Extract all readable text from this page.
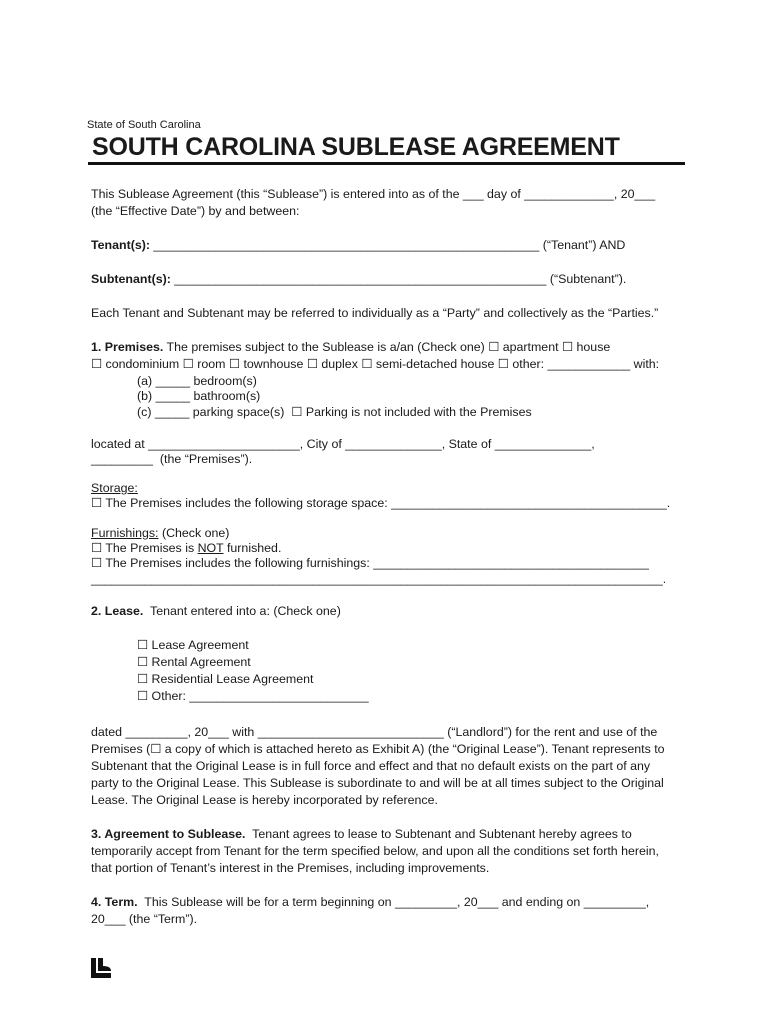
State of South Carolina
SOUTH CAROLINA SUBLEASE AGREEMENT
This Sublease Agreement (this “Sublease”) is entered into as of the ___ day of _____________, 20___
(the “Effective Date”) by and between:
Tenant(s): ________________________________________________________ (“Tenant”) AND
Subtenant(s): ______________________________________________________ (“Subtenant”).
Each Tenant and Subtenant may be referred to individually as a “Party” and collectively as the “Parties.”
1. Premises. The premises subject to the Sublease is a/an (Check one) ☐ apartment ☐ house
☐ condominium ☐ room ☐ townhouse ☐ duplex ☐ semi-detached house ☐ other: ____________ with:
(a) _____ bedroom(s)
(b) _____ bathroom(s)
(c) _____ parking space(s)  ☐ Parking is not included with the Premises
located at ______________________, City of ______________, State of ______________,
_________  (the “Premises”).
Storage:
☐ The Premises includes the following storage space: ________________________________________.
Furnishings: (Check one)
☐ The Premises is NOT furnished.
☐ The Premises includes the following furnishings: ________________________________________
_____________________________________________________________________________________.
2. Lease.  Tenant entered into a: (Check one)
☐ Lease Agreement
☐ Rental Agreement
☐ Residential Lease Agreement
☐ Other: __________________________
dated _________, 20___ with ___________________________ (“Landlord”) for the rent and use of the
Premises (☐ a copy of which is attached hereto as Exhibit A) (the “Original Lease”). Tenant represents to
Subtenant that the Original Lease is in full force and effect and that no default exists on the part of any
party to the Original Lease. This Sublease is subordinate to and will be at all times subject to the Original
Lease. The Original Lease is hereby incorporated by reference.
3. Agreement to Sublease.  Tenant agrees to lease to Subtenant and Subtenant hereby agrees to
temporarily accept from Tenant for the term specified below, and upon all the conditions set forth herein,
that portion of Tenant’s interest in the Premises, including improvements.
4. Term.  This Sublease will be for a term beginning on _________, 20___ and ending on _________,
20___ (the “Term”).
